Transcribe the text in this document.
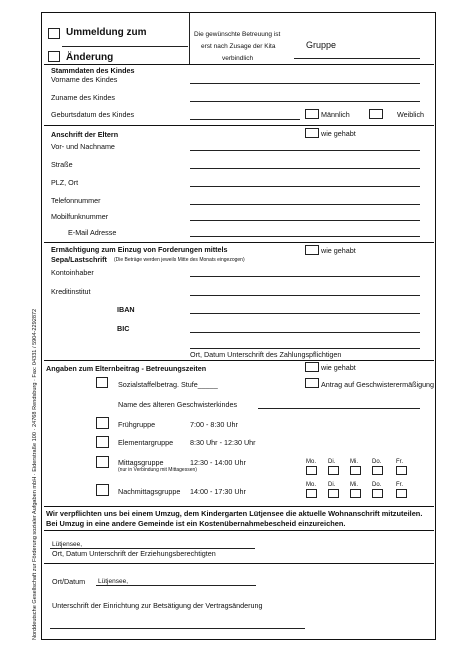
Norddeutsche Gesellschaft zur Förderung sozialer Aufgaben mbH · Eiderstraße 100 · 24768 Rendsburg · Fax: 04331 / 5904-2292872
Ummeldung zum
Änderung
Die gewünschte Betreuung ist
erst nach Zusage der Kita
verbindlich
Gruppe
Stammdaten des Kindes
Vorname des Kindes
Zuname des Kindes
Geburtsdatum des Kindes	Männlich	Weiblich
Anschrift der Eltern	wie gehabt
Vor- und Nachname
Straße
PLZ, Ort
Telefonnummer
Mobilfunknummer
E-Mail Adresse
Ermächtigung zum Einzug von Forderungen mittels
Sepa/Lastschrift (Die Beträge werden jeweils Mitte des Monats eingezogen)
wie gehabt
Kontoinhaber
Kreditinstitut
IBAN
BIC
Ort, Datum Unterschrift des Zahlungspflichtigen
Angaben zum Elternbeitrag - Betreuungszeiten	wie gehabt
Sozialstaffelbetrag. Stufe_____	Antrag auf Geschwisterermäßigung
Name des älteren Geschwisterkindes
Frühgruppe	7:00 - 8:30 Uhr
Elementargruppe 8:30 Uhr - 12:30 Uhr
Mittagsgruppe	12:30 - 14:00 Uhr
(nur in Verbindung mit Mittagessen)
Mo. Di. Mi. Do. Fr.
Nachmittagsgruppe 14:00 - 17:30 Uhr
Mo. Di. Mi. Do. Fr.
Wir verpflichten uns bei einem Umzug, dem Kindergarten Lütjensee die aktuelle Wohnanschrift mitzuteilen.
Bei Umzug in eine andere Gemeinde ist ein Kostenübernahmebescheid einzureichen.
Lütjensee,
Ort, Datum Unterschrift der Erziehungsberechtigten
Ort/Datum Lütjensee,
Unterschrift der Einrichtung zur Betsätigung der Vertragsänderung
